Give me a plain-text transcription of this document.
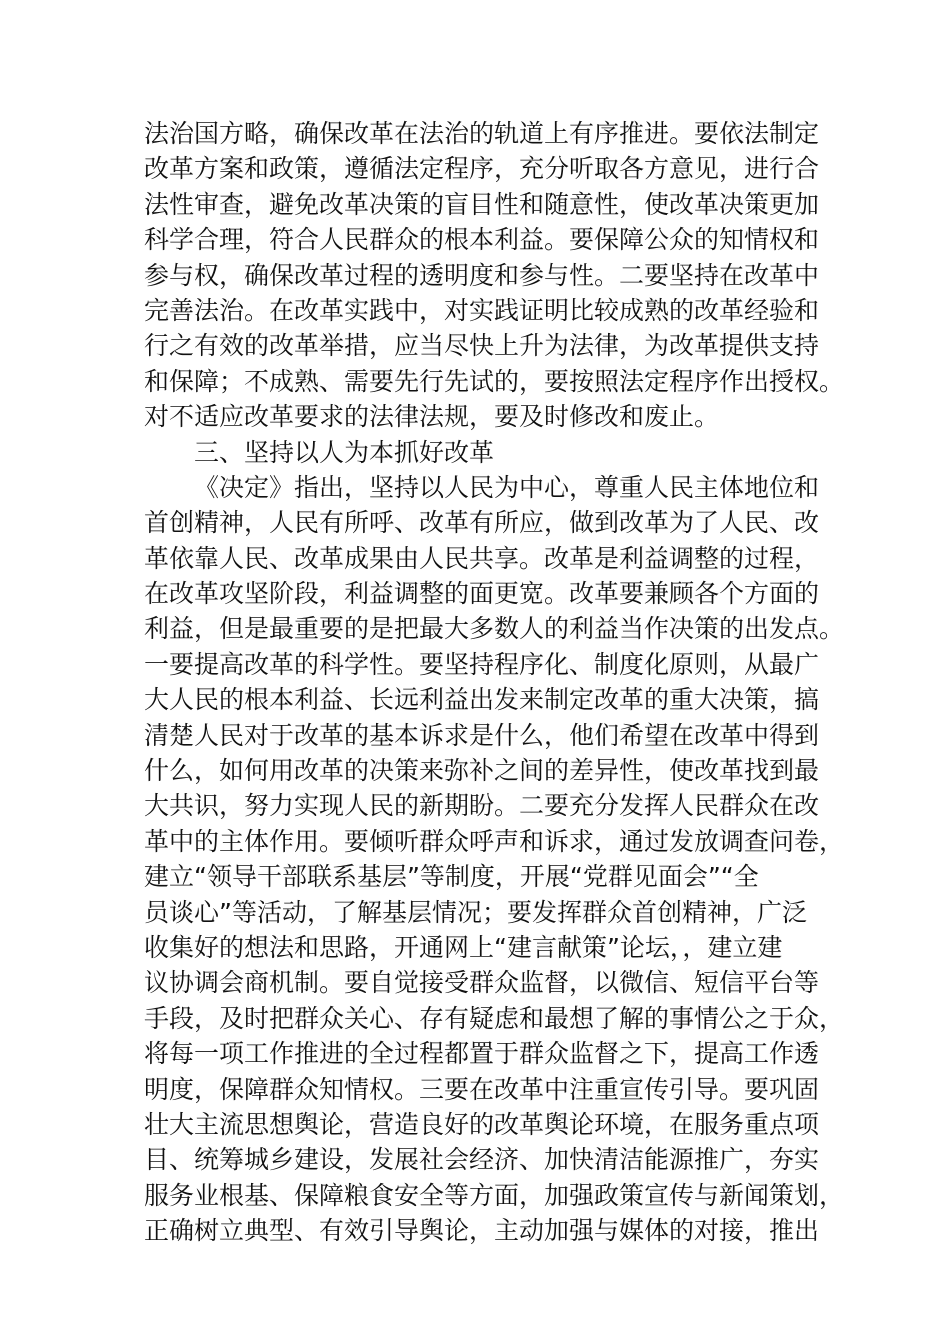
法治国方略，确保改革在法治的轨道上有序推进。要依法制定
改革方案和政策，遵循法定程序，充分听取各方意见，进行合
法性审查，避免改革决策的盲目性和随意性，使改革决策更加
科学合理，符合人民群众的根本利益。要保障公众的知情权和
参与权，确保改革过程的透明度和参与性。二要坚持在改革中
完善法治。在改革实践中，对实践证明比较成熟的改革经验和
行之有效的改革举措，应当尽快上升为法律，为改革提供支持
和保障；不成熟、需要先行先试的，要按照法定程序作出授权。
对不适应改革要求的法律法规，要及时修改和废止。
三、坚持以人为本抓好改革
《决定》指出，坚持以人民为中心，尊重人民主体地位和
首创精神，人民有所呼、改革有所应，做到改革为了人民、改
革依靠人民、改革成果由人民共享。改革是利益调整的过程，
在改革攻坚阶段，利益调整的面更宽。改革要兼顾各个方面的
利益，但是最重要的是把最大多数人的利益当作决策的出发点。
一要提高改革的科学性。要坚持程序化、制度化原则，从最广
大人民的根本利益、长远利益出发来制定改革的重大决策，搞
清楚人民对于改革的基本诉求是什么，他们希望在改革中得到
什么，如何用改革的决策来弥补之间的差异性，使改革找到最
大共识，努力实现人民的新期盼。二要充分发挥人民群众在改
革中的主体作用。要倾听群众呼声和诉求，通过发放调查问卷，
建立“领导干部联系基层”等制度，开展“党群见面会”“全
员谈心”等活动，了解基层情况；要发挥群众首创精神，广泛
收集好的想法和思路，开通网上“建言献策”论坛，，建立建
议协调会商机制。要自觉接受群众监督，以微信、短信平台等
手段，及时把群众关心、存有疑虑和最想了解的事情公之于众，
将每一项工作推进的全过程都置于群众监督之下，提高工作透
明度，保障群众知情权。三要在改革中注重宣传引导。要巩固
壮大主流思想舆论，营造良好的改革舆论环境，在服务重点项
目、统筹城乡建设，发展社会经济、加快清洁能源推广，夯实
服务业根基、保障粮食安全等方面，加强政策宣传与新闻策划，
正确树立典型、有效引导舆论，主动加强与媒体的对接，推出
